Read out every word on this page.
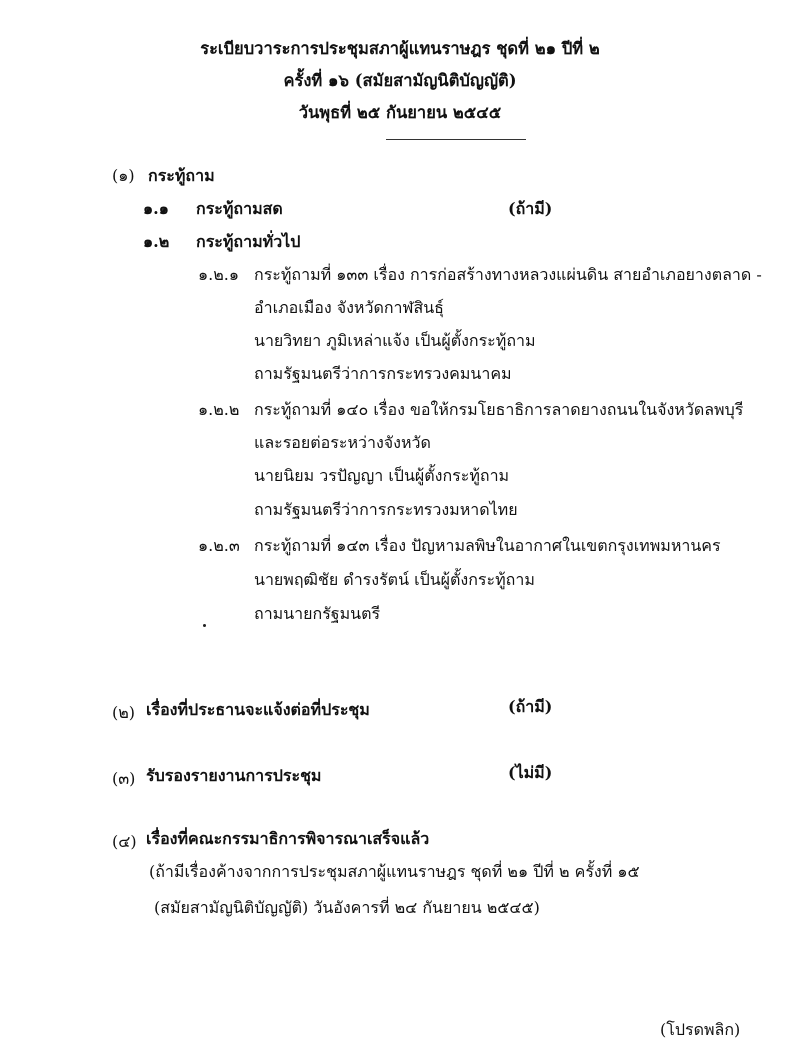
ระเบียบวาระการประชุมสภาผู้แทนราษฎร ชุดที่ ๒๑ ปีที่ ๒
ครั้งที่ ๑๖ (สมัยสามัญนิติบัญญัติ)
วันพุธที่ ๒๕ กันยายน ๒๕๔๕
(๑) กระทู้ถาม
๑.๑ กระทู้ถามสด	(ถ้ามี)
๑.๒ กระทู้ถามทั่วไป
๑.๒.๑ กระทู้ถามที่ ๑๓๓ เรื่อง การก่อสร้างทางหลวงแผ่นดิน สายอำเภอยางตลาด -
อำเภอเมือง จังหวัดกาฬสินธุ์
นายวิทยา ภูมิเหล่าแจ้ง เป็นผู้ตั้งกระทู้ถาม
ถามรัฐมนตรีว่าการกระทรวงคมนาคม
๑.๒.๒ กระทู้ถามที่ ๑๔๐ เรื่อง ขอให้กรมโยธาธิการลาดยางถนนในจังหวัดลพบุรี
และรอยต่อระหว่างจังหวัด
นายนิยม วรปัญญา เป็นผู้ตั้งกระทู้ถาม
ถามรัฐมนตรีว่าการกระทรวงมหาดไทย
๑.๒.๓ กระทู้ถามที่ ๑๔๓ เรื่อง ปัญหามลพิษในอากาศในเขตกรุงเทพมหานคร
นายพฤฒิชัย ดำรงรัตน์ เป็นผู้ตั้งกระทู้ถาม
ถามนายกรัฐมนตรี
(๒) เรื่องที่ประธานจะแจ้งต่อที่ประชุม	(ถ้ามี)
(๓) รับรองรายงานการประชุม	(ไม่มี)
(๔) เรื่องที่คณะกรรมาธิการพิจารณาเสร็จแล้ว
(ถ้ามีเรื่องค้างจากการประชุมสภาผู้แทนราษฎร ชุดที่ ๒๑ ปีที่ ๒ ครั้งที่ ๑๕
(สมัยสามัญนิติบัญญัติ) วันอังคารที่ ๒๔ กันยายน ๒๕๔๕)
(โปรดพลิก)
